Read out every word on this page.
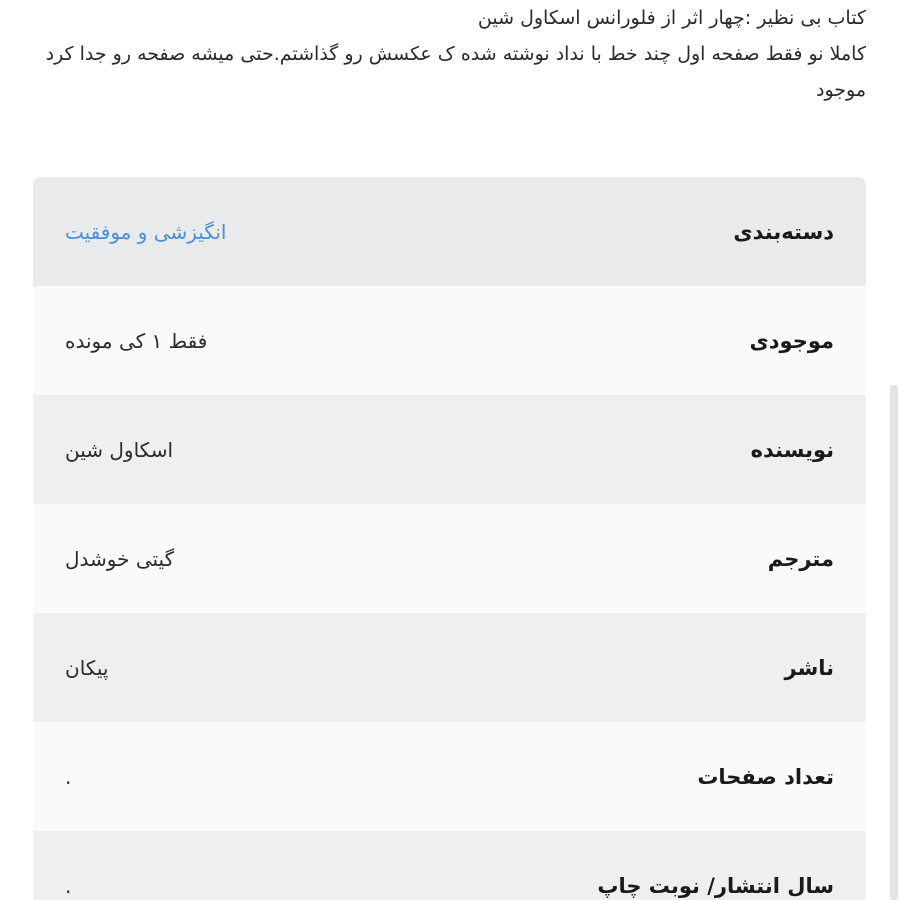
کتاب بی نظیر :چهار اثر از فلورانس اسکاول شین

کاملا نو فقط صفحه اول چند خط با نداد نوشته شده ک عکسش رو گذاشتم.حتی میشه صفحه رو جدا کرد

موجود

دسته‌بندی
انگیزشی و موفقیت
موجودی
فقط ۱ کی مونده
نویسنده
اسکاول شین
مترجم
گیتی خوشدل
ناشر
پیکان
تعداد صفحات
.
سال انتشار/ نوبت چاپ
.
